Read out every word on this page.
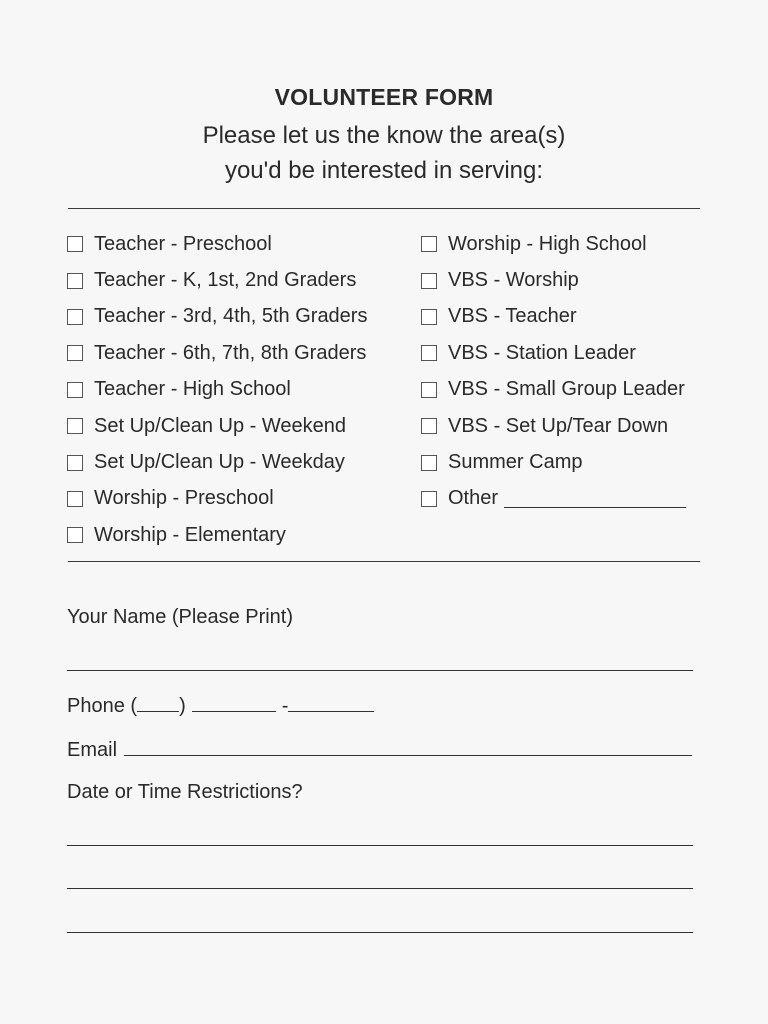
VOLUNTEER FORM
Please let us the know the area(s)
you'd be interested in serving:
Teacher - Preschool
Teacher - K, 1st, 2nd Graders
Teacher - 3rd, 4th, 5th Graders
Teacher - 6th, 7th, 8th Graders
Teacher - High School
Set Up/Clean Up - Weekend
Set Up/Clean Up - Weekday
Worship - Preschool
Worship - Elementary
Worship - High School
VBS - Worship
VBS - Teacher
VBS - Station Leader
VBS - Small Group Leader
VBS - Set Up/Tear Down
Summer Camp
Other
Your Name (Please Print)
Phone ( )	-
Email
Date or Time Restrictions?
